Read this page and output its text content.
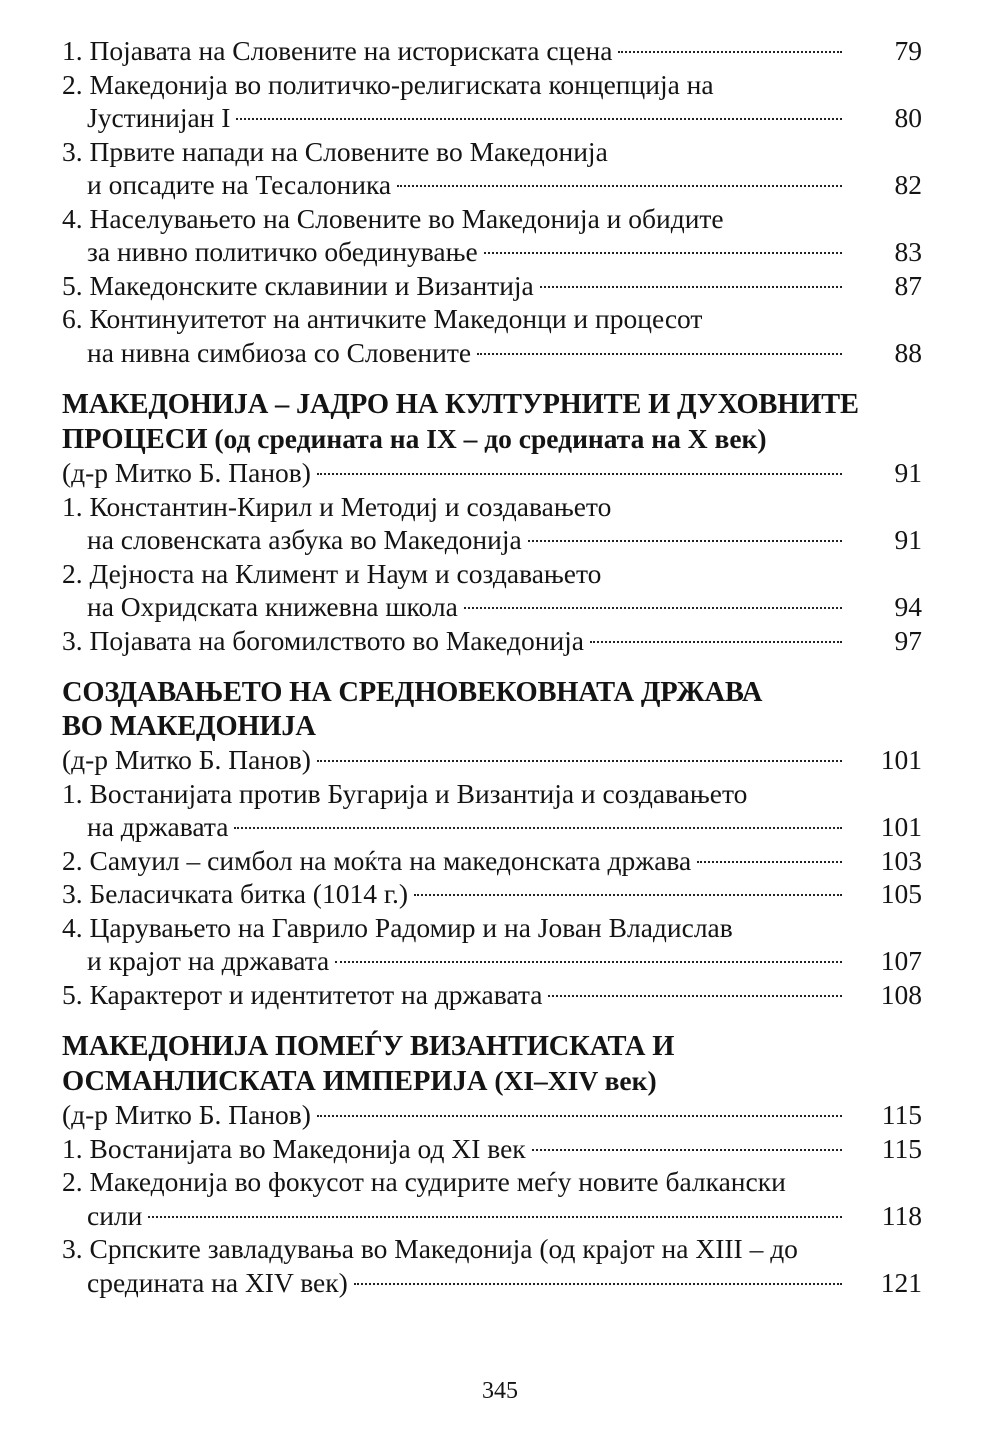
1. Појавата на Словените на историската сцена	79
2. Македонија во политичко-религиската концепција на
Јустинијан I	80
3. Првите напади на Словените во Македонија
и опсадите на Тесалоника	82
4. Населувањето на Словените во Македонија и обидите
за нивно политичко обединување	83
5. Македонските склавинии и Византија	87
6. Континуитетот на античките Македонци и процесот
на нивна симбиоза со Словените	88
МАКЕДОНИЈА – ЈАДРО НА КУЛТУРНИТЕ И ДУХОВНИТЕ
ПРОЦЕСИ (од средината на IX – до средината на X век)
(д-р Митко Б. Панов)	91
1. Константин-Кирил и Методиј и создавањето
на словенската азбука во Македонија	91
2. Дејноста на Климент и Наум и создавањето
на Охридската книжевна школа	94
3. Појавата на богомилството во Македонија	97
СОЗДАВАЊЕТО НА СРЕДНОВЕКОВНАТА ДРЖАВА
ВО МАКЕДОНИЈА
(д-р Митко Б. Панов)	101
1. Востанијата против Бугарија и Византија и создавањето
на државата	101
2. Самуил – симбол на моќта на македонската држава	103
3. Беласичката битка (1014 г.)	105
4. Царувањето на Гаврило Радомир и на Јован Владислав
и крајот на државата	107
5. Карактерот и идентитетот на државата	108
МАКЕДОНИЈА ПОМЕЃУ ВИЗАНТИСКАТА И
ОСМАНЛИСКАТА ИМПЕРИЈА (XI–XIV век)
(д-р Митко Б. Панов)	115
1. Востанијата во Македонија од XI век	115
2. Македонија во фокусот на судирите меѓу новите балкански
сили	118
3. Српските завладувања во Македонија (од крајот на XIII – до
средината на XIV век)	121
345
